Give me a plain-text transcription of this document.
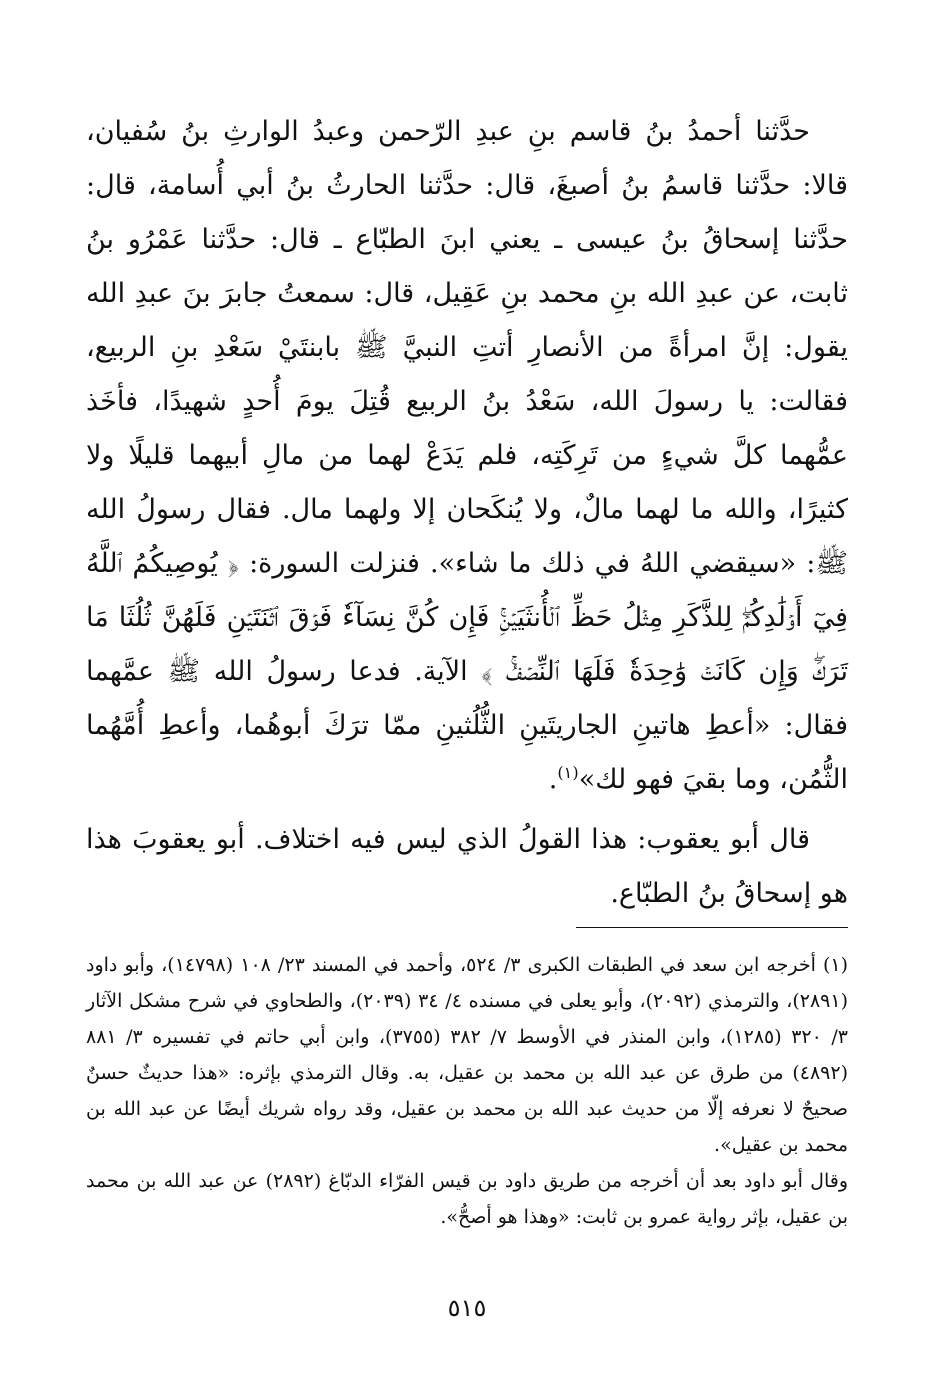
حدَّثنا أحمدُ بنُ قاسم بنِ عبدِ الرّحمن وعبدُ الوارثِ بنُ سُفيان، قالا: حدَّثنا قاسمُ بنُ أصبغَ، قال: حدَّثنا الحارثُ بنُ أبي أُسامة، قال: حدَّثنا إسحاقُ بنُ عيسى ـ يعني ابنَ الطبّاع ـ قال: حدَّثنا عَمْرُو بنُ ثابت، عن عبدِ الله بنِ محمد بنِ عَقِيل، قال: سمعتُ جابرَ بنَ عبدِ الله يقول: إنَّ امرأةً من الأنصارِ أتتِ النبيَّ ﷺ بابنتَيْ سَعْدِ بنِ الربيع، فقالت: يا رسولَ الله، سَعْدُ بنُ الربيع قُتِلَ يومَ أُحدٍ شهيدًا، فأخَذ عمُّهما كلَّ شيءٍ من تَرِكَتِه، فلم يَدَعْ لهما من مالِ أبيهما قليلًا ولا كثيرًا، والله ما لهما مالٌ، ولا يُنكَحان إلا ولهما مال. فقال رسولُ الله ﷺ: «سيقضي اللهُ في ذلك ما شاء». فنزلت السورة: ﴿ يُوصِيكُمُ ٱللَّهُ فِيٓ أَوۡلَٰدِكُمۡۖ لِلذَّكَرِ مِثۡلُ حَظِّ ٱلۡأُنثَيَيۡنِۚ فَإِن كُنَّ نِسَآءٗ فَوۡقَ ٱثۡنَتَيۡنِ فَلَهُنَّ ثُلُثَا مَا تَرَكَۖ وَإِن كَانَتۡ وَٰحِدَةٗ فَلَهَا ٱلنِّصۡفُۚ ﴾ الآية. فدعا رسولُ الله ﷺ عمَّهما فقال: «أعطِ هاتينِ الجاريتَينِ الثُّلُثينِ ممّا ترَكَ أبوهُما، وأعطِ أُمَّهُما الثُّمُن، وما بقيَ فهو لك»$^{(١)}$.

قال أبو يعقوب: هذا القولُ الذي ليس فيه اختلاف. أبو يعقوبَ هذا هو إسحاقُ بنُ الطبّاع.

(١) أخرجه ابن سعد في الطبقات الكبرى ٣/ ٥٢٤، وأحمد في المسند ٢٣/ ١٠٨ (١٤٧٩٨)، وأبو داود (٢٨٩١)، والترمذي (٢٠٩٢)، وأبو يعلى في مسنده ٤/ ٣٤ (٢٠٣٩)، والطحاوي في شرح مشكل الآثار ٣/ ٣٢٠ (١٢٨٥)، وابن المنذر في الأوسط ٧/ ٣٨٢ (٣٧٥٥)، وابن أبي حاتم في تفسيره ٣/ ٨٨١ (٤٨٩٢) من طرق عن عبد الله بن محمد بن عقيل، به. وقال الترمذي بإثره: «هذا حديثٌ حسنٌ صحيحٌ لا نعرفه إلّا من حديث عبد الله بن محمد بن عقيل، وقد رواه شريك أيضًا عن عبد الله بن محمد بن عقيل».

وقال أبو داود بعد أن أخرجه من طريق داود بن قيس الفرّاء الدبّاغ (٢٨٩٢) عن عبد الله بن محمد بن عقيل، بإثر رواية عمرو بن ثابت: «وهذا هو أصحُّ».

٥١٥
